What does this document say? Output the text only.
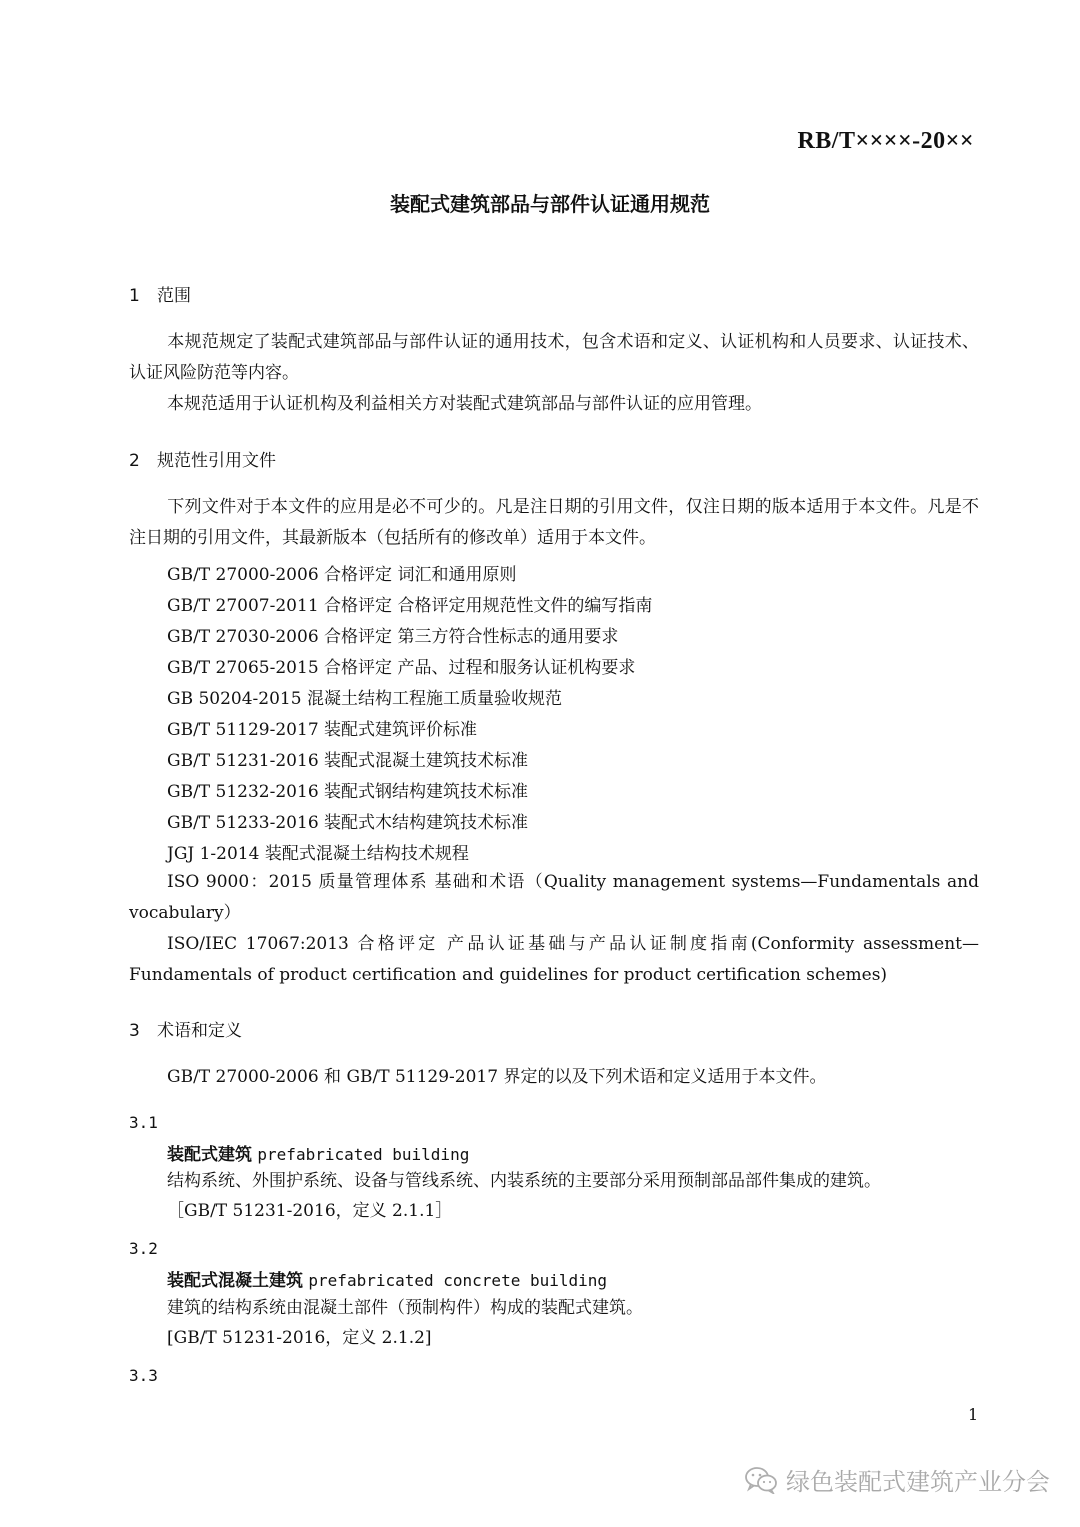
RB/T××××-20××
装配式建筑部品与部件认证通用规范
1 范围
本规范规定了装配式建筑部品与部件认证的通用技术，包含术语和定义、认证机构和人员要求、认证技术、认证风险防范等内容。
本规范适用于认证机构及利益相关方对装配式建筑部品与部件认证的应用管理。
2 规范性引用文件
下列文件对于本文件的应用是必不可少的。凡是注日期的引用文件，仅注日期的版本适用于本文件。凡是不注日期的引用文件，其最新版本（包括所有的修改单）适用于本文件。
GB/T 27000-2006 合格评定 词汇和通用原则
GB/T 27007-2011 合格评定 合格评定用规范性文件的编写指南
GB/T 27030-2006 合格评定 第三方符合性标志的通用要求
GB/T 27065-2015 合格评定 产品、过程和服务认证机构要求
GB 50204-2015 混凝土结构工程施工质量验收规范
GB/T 51129-2017 装配式建筑评价标准
GB/T 51231-2016 装配式混凝土建筑技术标准
GB/T 51232-2016 装配式钢结构建筑技术标准
GB/T 51233-2016 装配式木结构建筑技术标准
JGJ 1-2014 装配式混凝土结构技术规程
ISO 9000：2015 质量管理体系 基础和术语（Quality management systems—Fundamentals and vocabulary）
ISO/IEC 17067:2013 合格评定 产品认证基础与产品认证制度指南(Conformity assessment—Fundamentals of product certification and guidelines for product certification schemes)
3 术语和定义
GB/T 27000-2006 和 GB/T 51129-2017 界定的以及下列术语和定义适用于本文件。
3.1
装配式建筑 prefabricated building
结构系统、外围护系统、设备与管线系统、内装系统的主要部分采用预制部品部件集成的建筑。
［GB/T 51231-2016，定义 2.1.1］
3.2
装配式混凝土建筑 prefabricated concrete building
建筑的结构系统由混凝土部件（预制构件）构成的装配式建筑。
[GB/T 51231-2016，定义 2.1.2]
3.3
1
绿色装配式建筑产业分会
